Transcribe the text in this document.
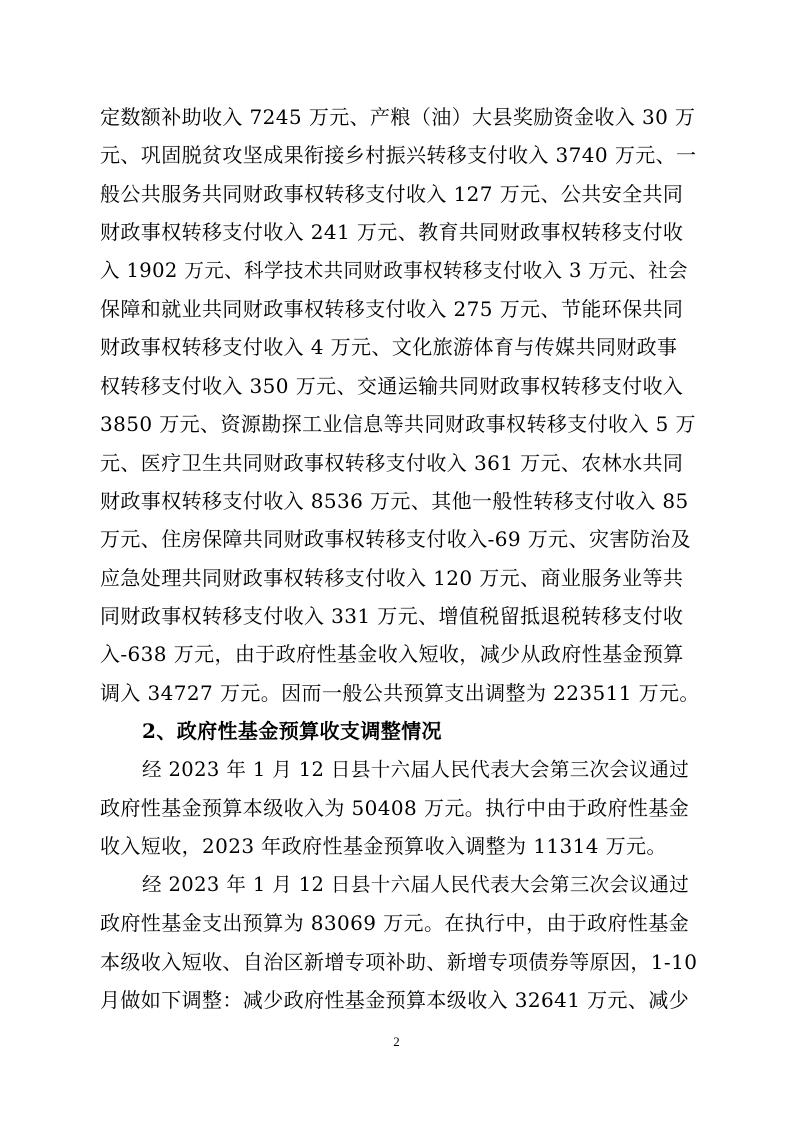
定数额补助收入 7245 万元、产粮（油）大县奖励资金收入 30 万
元、巩固脱贫攻坚成果衔接乡村振兴转移支付收入 3740 万元、一
般公共服务共同财政事权转移支付收入 127 万元、公共安全共同
财政事权转移支付收入 241 万元、教育共同财政事权转移支付收
入 1902 万元、科学技术共同财政事权转移支付收入 3 万元、社会
保障和就业共同财政事权转移支付收入 275 万元、节能环保共同
财政事权转移支付收入 4 万元、文化旅游体育与传媒共同财政事
权转移支付收入 350 万元、交通运输共同财政事权转移支付收入
3850 万元、资源勘探工业信息等共同财政事权转移支付收入 5 万
元、医疗卫生共同财政事权转移支付收入 361 万元、农林水共同
财政事权转移支付收入 8536 万元、其他一般性转移支付收入 85
万元、住房保障共同财政事权转移支付收入-69 万元、灾害防治及
应急处理共同财政事权转移支付收入 120 万元、商业服务业等共
同财政事权转移支付收入 331 万元、增值税留抵退税转移支付收
入-638 万元，由于政府性基金收入短收，减少从政府性基金预算
调入 34727 万元。因而一般公共预算支出调整为 223511 万元。
2、政府性基金预算收支调整情况
经 2023 年 1 月 12 日县十六届人民代表大会第三次会议通过
政府性基金预算本级收入为 50408 万元。执行中由于政府性基金
收入短收，2023 年政府性基金预算收入调整为 11314 万元。
经 2023 年 1 月 12 日县十六届人民代表大会第三次会议通过
政府性基金支出预算为 83069 万元。在执行中，由于政府性基金
本级收入短收、自治区新增专项补助、新增专项债券等原因，1-10
月做如下调整：减少政府性基金预算本级收入 32641 万元、减少
2
